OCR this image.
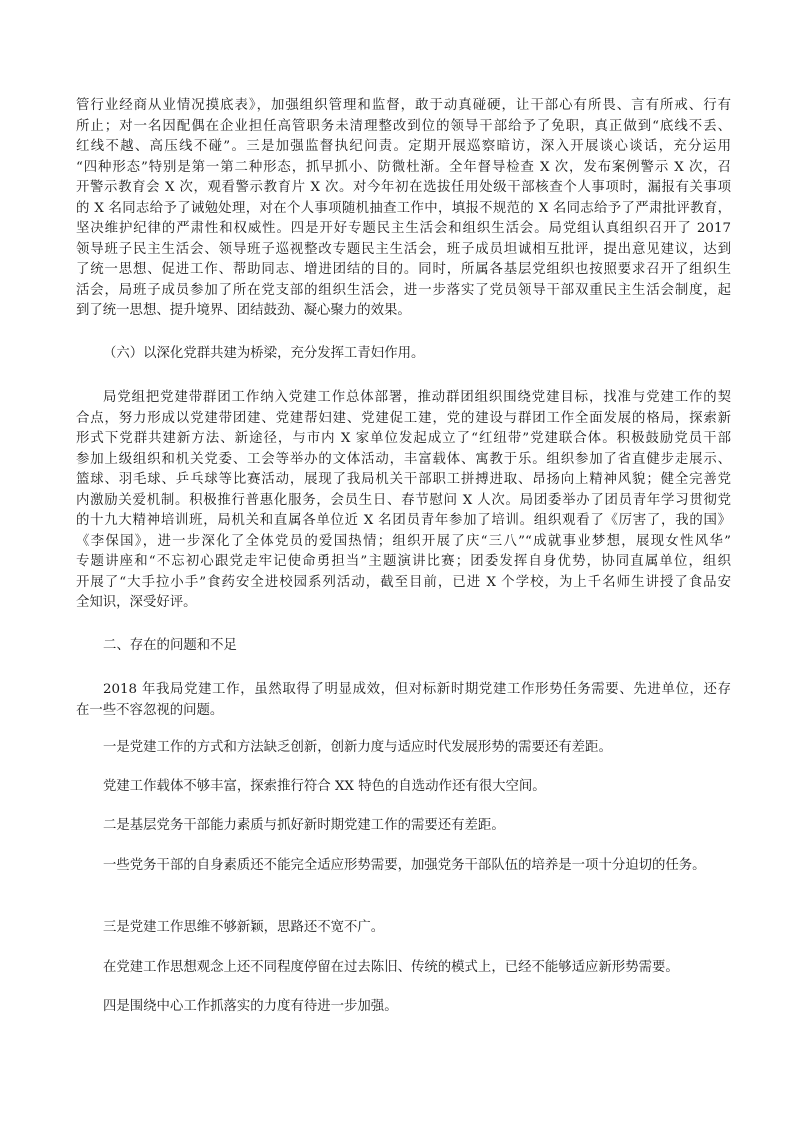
管行业经商从业情况摸底表》，加强组织管理和监督，敢于动真碰硬，让干部心有所畏、言有所戒、行有
所止；对一名因配偶在企业担任高管职务未清理整改到位的领导干部给予了免职，真正做到“底线不丢、
红线不越、高压线不碰”。三是加强监督执纪问责。定期开展巡察暗访，深入开展谈心谈话，充分运用
“四种形态”特别是第一第二种形态，抓早抓小、防微杜渐。全年督导检查 X 次，发布案例警示 X 次，召
开警示教育会 X 次，观看警示教育片 X 次。对今年初在选拔任用处级干部核查个人事项时，漏报有关事项
的 X 名同志给予了诫勉处理，对在个人事项随机抽查工作中，填报不规范的 X 名同志给予了严肃批评教育，
坚决维护纪律的严肃性和权威性。四是开好专题民主生活会和组织生活会。局党组认真组织召开了 2017
领导班子民主生活会、领导班子巡视整改专题民主生活会，班子成员坦诚相互批评，提出意见建议，达到
了统一思想、促进工作、帮助同志、增进团结的目的。同时，所属各基层党组织也按照要求召开了组织生
活会，局班子成员参加了所在党支部的组织生活会，进一步落实了党员领导干部双重民主生活会制度，起
到了统一思想、提升境界、团结鼓劲、凝心聚力的效果。

（六）以深化党群共建为桥梁，充分发挥工青妇作用。

局党组把党建带群团工作纳入党建工作总体部署，推动群团组织围绕党建目标，找准与党建工作的契
合点，努力形成以党建带团建、党建帮妇建、党建促工建，党的建设与群团工作全面发展的格局，探索新
形式下党群共建新方法、新途径，与市内 X 家单位发起成立了“红纽带”党建联合体。积极鼓励党员干部
参加上级组织和机关党委、工会等举办的文体活动，丰富载体、寓教于乐。组织参加了省直健步走展示、
篮球、羽毛球、乒乓球等比赛活动，展现了我局机关干部职工拼搏进取、昂扬向上精神风貌；健全完善党
内激励关爱机制。积极推行普惠化服务，会员生日、春节慰问 X 人次。局团委举办了团员青年学习贯彻党
的十九大精神培训班，局机关和直属各单位近 X 名团员青年参加了培训。组织观看了《厉害了，我的国》
《李保国》，进一步深化了全体党员的爱国热情；组织开展了庆“三八”“成就事业梦想，展现女性风华”
专题讲座和“不忘初心跟党走牢记使命勇担当”主题演讲比赛；团委发挥自身优势，协同直属单位，组织
开展了“大手拉小手”食药安全进校园系列活动，截至目前，已进 X 个学校，为上千名师生讲授了食品安
全知识，深受好评。

二、存在的问题和不足

2018 年我局党建工作，虽然取得了明显成效，但对标新时期党建工作形势任务需要、先进单位，还存
在一些不容忽视的问题。

一是党建工作的方式和方法缺乏创新，创新力度与适应时代发展形势的需要还有差距。

党建工作载体不够丰富，探索推行符合 XX 特色的自选动作还有很大空间。

二是基层党务干部能力素质与抓好新时期党建工作的需要还有差距。

一些党务干部的自身素质还不能完全适应形势需要，加强党务干部队伍的培养是一项十分迫切的任务。

三是党建工作思维不够新颖，思路还不宽不广。

在党建工作思想观念上还不同程度停留在过去陈旧、传统的模式上，已经不能够适应新形势需要。

四是围绕中心工作抓落实的力度有待进一步加强。
